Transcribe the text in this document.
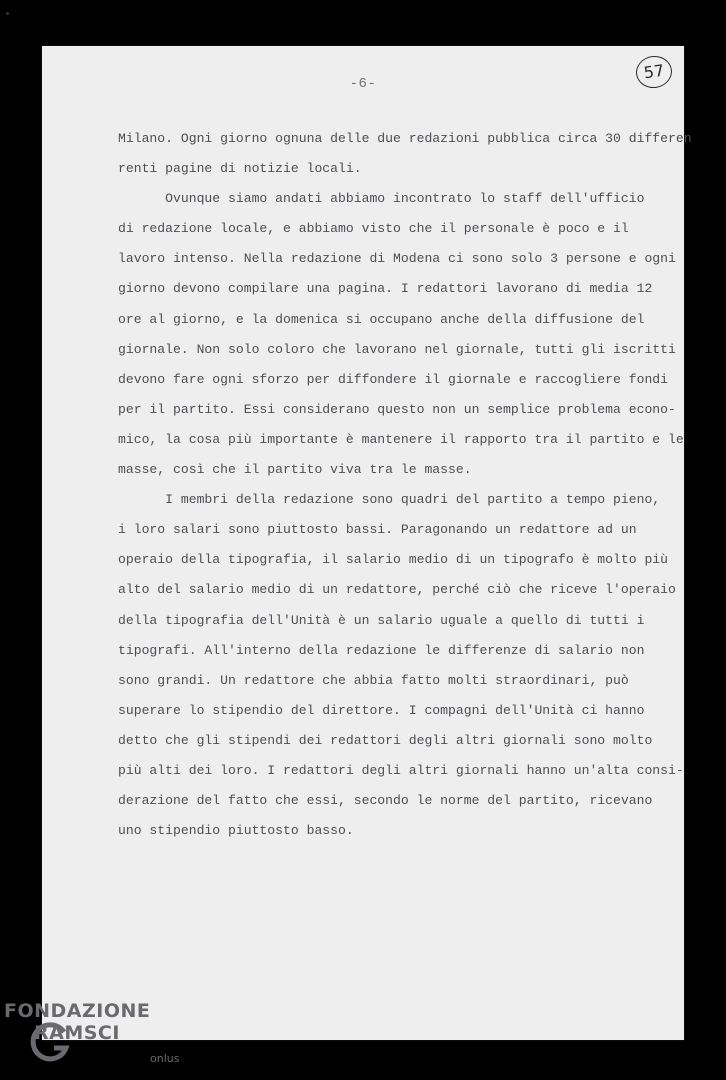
57
-6-
Milano. Ogni giorno ognuna delle due redazioni pubblica circa 30 differen
renti pagine di notizie locali.
Ovunque siamo andati abbiamo incontrato lo staff dell'ufficio
di redazione locale, e abbiamo visto che il personale è poco e il
lavoro intenso. Nella redazione di Modena ci sono solo 3 persone e ogni
giorno devono compilare una pagina. I redattori lavorano di media 12
ore al giorno, e la domenica si occupano anche della diffusione del
giornale. Non solo coloro che lavorano nel giornale, tutti gli iscritti
devono fare ogni sforzo per diffondere il giornale e raccogliere fondi
per il partito. Essi considerano questo non un semplice problema econo-
mico, la cosa più importante è mantenere il rapporto tra il partito e le
masse, così che il partito viva tra le masse.
I membri della redazione sono quadri del partito a tempo pieno,
i loro salari sono piuttosto bassi. Paragonando un redattore ad un
operaio della tipografia, il salario medio di un tipografo è molto più
alto del salario medio di un redattore, perché ciò che riceve l'operaio
della tipografia dell'Unità è un salario uguale a quello di tutti i
tipografi. All'interno della redazione le differenze di salario non
sono grandi. Un redattore che abbia fatto molti straordinari, può
superare lo stipendio del direttore. I compagni dell'Unità ci hanno
detto che gli stipendi dei redattori degli altri giornali sono molto
più alti dei loro. I redattori degli altri giornali hanno un'alta consi-
derazione del fatto che essi, secondo le norme del partito, ricevano
uno stipendio piuttosto basso.
FONDAZIONE
RAMSCI
onlus
